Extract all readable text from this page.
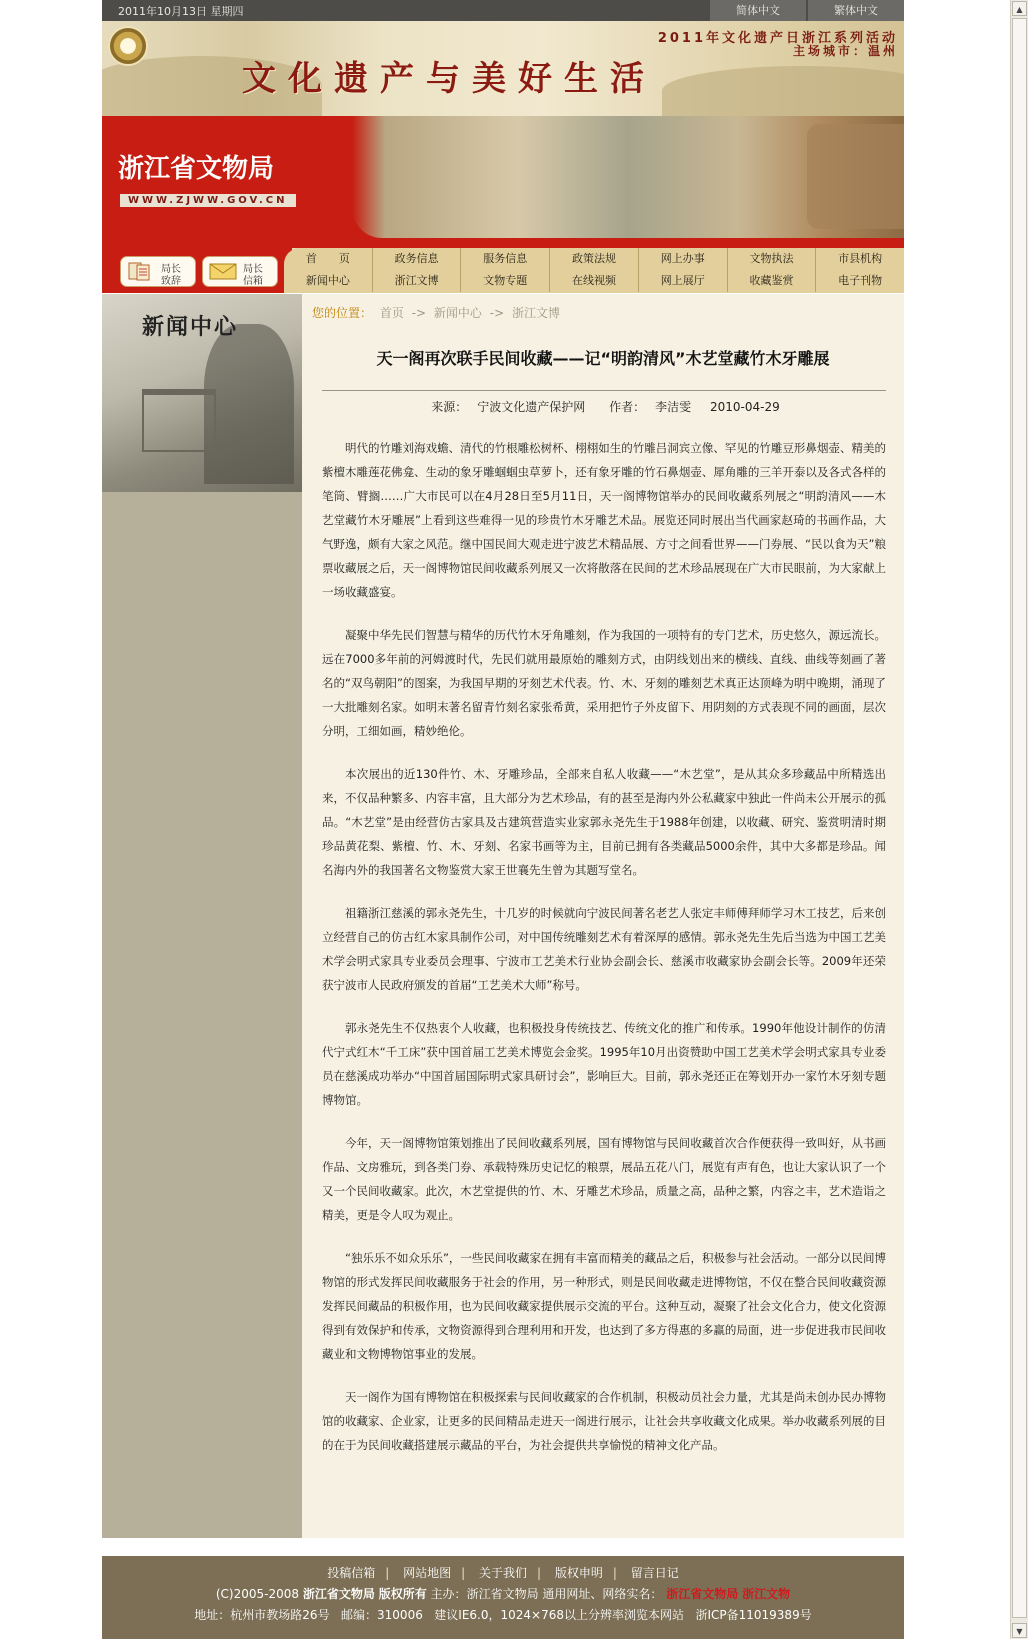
▲
▼
2011年10月13日 星期四	简体中文	繁体中文
文化遗产与美好生活
2011年文化遗产日浙江系列活动
主场城市：温州
浙江省文物局
WWW.ZJWW.GOV.CN
局长
致辞
局长
信箱
首　　页	政务信息	服务信息	政策法规	网上办事	文物执法	市县机构
新闻中心	浙江文博	文物专题	在线视频	网上展厅	收藏鉴赏	电子刊物
新闻中心
您的位置： 首页 -> 新闻中心 -> 浙江文博
天一阁再次联手民间收藏——记“明韵清风”木艺堂藏竹木牙雕展
来源： 宁波文化遗产保护网 作者： 李洁雯 2010-04-29

明代的竹雕刘海戏蟾、清代的竹根雕松树杯、栩栩如生的竹雕吕洞宾立像、罕见的竹雕豆形鼻烟壶、精美的紫檀木雕莲花佛龛、生动的象牙雕蝈蝈虫草萝卜，还有象牙雕的竹石鼻烟壶、犀角雕的三羊开泰以及各式各样的笔筒、臂搁……广大市民可以在4月28日至5月11日，天一阁博物馆举办的民间收藏系列展之“明韵清风——木艺堂藏竹木牙雕展”上看到这些难得一见的珍贵竹木牙雕艺术品。展览还同时展出当代画家赵琦的书画作品，大气野逸，颇有大家之风范。继中国民间大观走进宁波艺术精品展、方寸之间看世界——门券展、“民以食为天”粮票收藏展之后，天一阁博物馆民间收藏系列展又一次将散落在民间的艺术珍品展现在广大市民眼前，为大家献上一场收藏盛宴。

凝聚中华先民们智慧与精华的历代竹木牙角雕刻，作为我国的一项特有的专门艺术，历史悠久，源远流长。远在7000多年前的河姆渡时代，先民们就用最原始的雕刻方式，由阴线划出来的横线、直线、曲线等刻画了著名的“双鸟朝阳”的图案，为我国早期的牙刻艺术代表。竹、木、牙刻的雕刻艺术真正达顶峰为明中晚期，涌现了一大批雕刻名家。如明末著名留青竹刻名家张希黄，采用把竹子外皮留下、用阴刻的方式表现不同的画面，层次分明，工细如画，精妙绝伦。

本次展出的近130件竹、木、牙雕珍品，全部来自私人收藏——“木艺堂”，是从其众多珍藏品中所精选出来，不仅品种繁多、内容丰富，且大部分为艺术珍品，有的甚至是海内外公私藏家中独此一件尚未公开展示的孤品。“木艺堂”是由经营仿古家具及古建筑营造实业家郭永尧先生于1988年创建，以收藏、研究、鉴赏明清时期珍品黄花梨、紫檀、竹、木、牙刻、名家书画等为主，目前已拥有各类藏品5000余件，其中大多都是珍品。闻名海内外的我国著名文物鉴赏大家王世襄先生曾为其题写堂名。

祖籍浙江慈溪的郭永尧先生，十几岁的时候就向宁波民间著名老艺人张定丰师傅拜师学习木工技艺，后来创立经营自己的仿古红木家具制作公司，对中国传统雕刻艺术有着深厚的感情。郭永尧先生先后当选为中国工艺美术学会明式家具专业委员会理事、宁波市工艺美术行业协会副会长、慈溪市收藏家协会副会长等。2009年还荣获宁波市人民政府颁发的首届“工艺美术大师”称号。

郭永尧先生不仅热衷个人收藏，也积极投身传统技艺、传统文化的推广和传承。1990年他设计制作的仿清代宁式红木“千工床”获中国首届工艺美术博览会金奖。1995年10月出资赞助中国工艺美术学会明式家具专业委员在慈溪成功举办“中国首届国际明式家具研讨会”，影响巨大。目前，郭永尧还正在筹划开办一家竹木牙刻专题博物馆。

今年，天一阁博物馆策划推出了民间收藏系列展，国有博物馆与民间收藏首次合作便获得一致叫好，从书画作品、文房雅玩，到各类门券、承载特殊历史记忆的粮票，展品五花八门，展览有声有色，也让大家认识了一个又一个民间收藏家。此次，木艺堂提供的竹、木、牙雕艺术珍品，质量之高，品种之繁，内容之丰，艺术造诣之精美，更是令人叹为观止。

“独乐乐不如众乐乐”，一些民间收藏家在拥有丰富而精美的藏品之后，积极参与社会活动。一部分以民间博物馆的形式发挥民间收藏服务于社会的作用，另一种形式，则是民间收藏走进博物馆，不仅在整合民间收藏资源发挥民间藏品的积极作用，也为民间收藏家提供展示交流的平台。这种互动，凝聚了社会文化合力，使文化资源得到有效保护和传承，文物资源得到合理利用和开发，也达到了多方得惠的多赢的局面，进一步促进我市民间收藏业和文物博物馆事业的发展。

天一阁作为国有博物馆在积极探索与民间收藏家的合作机制，积极动员社会力量，尤其是尚未创办民办博物馆的收藏家、企业家，让更多的民间精品走进天一阁进行展示，让社会共享收藏文化成果。举办收藏系列展的目的在于为民间收藏搭建展示藏品的平台，为社会提供共享愉悦的精神文化产品。

投稿信箱 | 网站地图 | 关于我们 | 版权申明 | 留言日记
(C)2005-2008 浙江省文物局 版权所有 主办：浙江省文物局 通用网址、网络实名： 浙江省文物局 浙江文物
地址：杭州市教场路26号 邮编：310006 建议IE6.0，1024×768以上分辨率浏览本网站 浙ICP备11019389号
